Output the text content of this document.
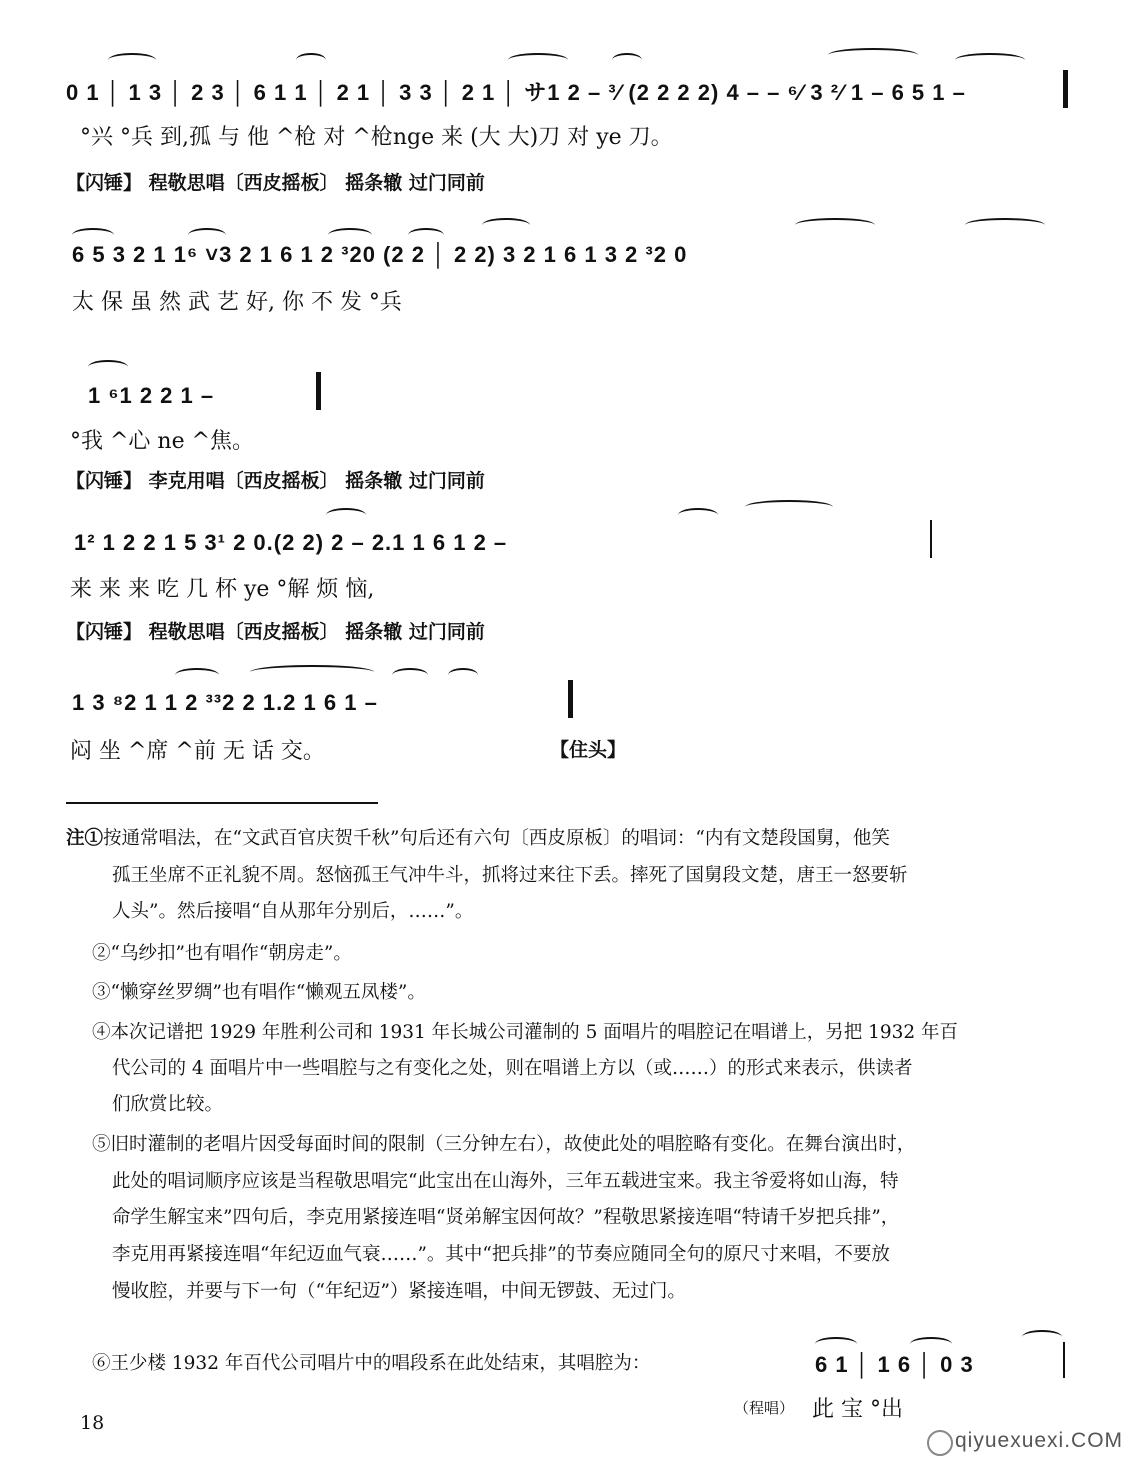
0 1 │ 1 3 │ 2 3 │ 6 1 1 │ 2 1 │ 3 3 │ 2 1 │ サ1 2 – ³⁄ (2 2 2 2) 4 – – ⁶⁄ 3 ²⁄ 1 – 6 5 1 –
°兴 °兵 到,孤 与 他 ^枪 对 ^枪nge 来 (大 大)刀 对 ye 刀。
【闪锤】 程敬思唱〔西皮摇板〕 摇条辙 过门同前
6 5 3 2 1 1⁶ ˅3 2 1 6 1 2 ³20 (2 2 │ 2 2) 3 2 1 6 1 3 2 ³2 0
太 保 虽 然 武 艺 好, 你 不 发 °兵
1 ⁶1 2 2 1 –
°我 ^心 ne ^焦。
【闪锤】 李克用唱〔西皮摇板〕 摇条辙 过门同前
1² 1 2 2 1 5 3¹ 2 0.(2 2) 2 – 2.1 1 6 1 2 –
来 来 来 吃 几 杯 ye °解 烦 恼,
【闪锤】 程敬思唱〔西皮摇板〕 摇条辙 过门同前
1 3 ⁸2 1 1 2 ³³2 2 1.2 1 6 1 –
闷 坐 ^席 ^前 无 话 交。	【住头】
注①按通常唱法，在“文武百官庆贺千秋”句后还有六句〔西皮原板〕的唱词：“内有文楚段国舅，他笑
孤王坐席不正礼貌不周。怒恼孤王气冲牛斗，抓将过来往下丢。摔死了国舅段文楚，唐王一怒要斩
人头”。然后接唱“自从那年分别后，……”。
②“乌纱扣”也有唱作“朝房走”。
③“懒穿丝罗绸”也有唱作“懒观五凤楼”。
④本次记谱把 1929 年胜利公司和 1931 年长城公司灌制的 5 面唱片的唱腔记在唱谱上，另把 1932 年百
代公司的 4 面唱片中一些唱腔与之有变化之处，则在唱谱上方以（或……）的形式来表示，供读者
们欣赏比较。
⑤旧时灌制的老唱片因受每面时间的限制（三分钟左右），故使此处的唱腔略有变化。在舞台演出时，
此处的唱词顺序应该是当程敬思唱完“此宝出在山海外，三年五载进宝来。我主爷爱将如山海，特
命学生解宝来”四句后，李克用紧接连唱“贤弟解宝因何故？”程敬思紧接连唱“特请千岁把兵排”，
李克用再紧接连唱“年纪迈血气衰……”。其中“把兵排”的节奏应随同全句的原尺寸来唱，不要放
慢收腔，并要与下一句（“年纪迈”）紧接连唱，中间无锣鼓、无过门。
⑥王少楼 1932 年百代公司唱片中的唱段系在此处结束，其唱腔为：	6 1 │ 1 6 │ 0 3
（程唱） 此 宝 °出
18
qiyuexuexi.COM
